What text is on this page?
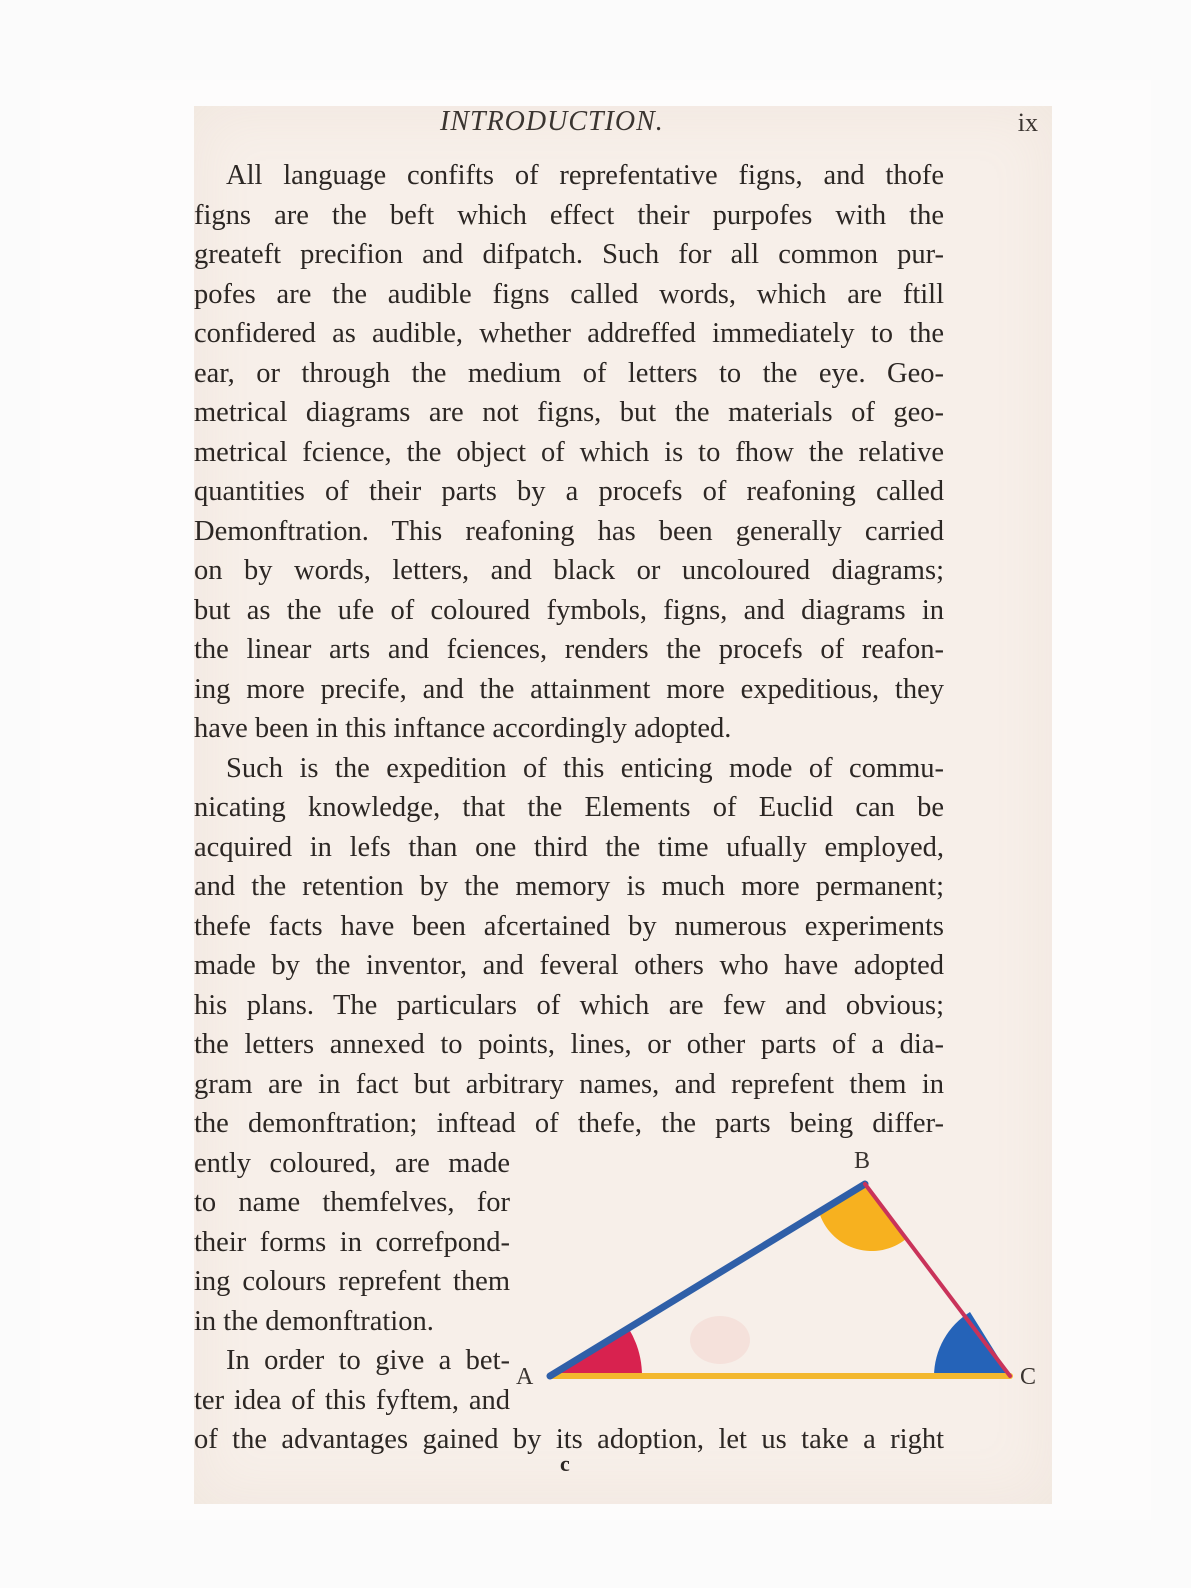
INTRODUCTION.	ix
All language confifts of reprefentative figns, and thofe
figns are the beft which effect their purpofes with the
greateft precifion and difpatch. Such for all common pur-
pofes are the audible figns called words, which are ftill
confidered as audible, whether addreffed immediately to the
ear, or through the medium of letters to the eye. Geo-
metrical diagrams are not figns, but the materials of geo-
metrical fcience, the object of which is to fhow the relative
quantities of their parts by a procefs of reafoning called
Demonftration. This reafoning has been generally carried
on by words, letters, and black or uncoloured diagrams;
but as the ufe of coloured fymbols, figns, and diagrams in
the linear arts and fciences, renders the procefs of reafon-
ing more precife, and the attainment more expeditious, they
have been in this inftance accordingly adopted.
Such is the expedition of this enticing mode of commu-
nicating knowledge, that the Elements of Euclid can be
acquired in lefs than one third the time ufually employed,
and the retention by the memory is much more permanent;
thefe facts have been afcertained by numerous experiments
made by the inventor, and feveral others who have adopted
his plans. The particulars of which are few and obvious;
the letters annexed to points, lines, or other parts of a dia-
gram are in fact but arbitrary names, and reprefent them in
the demonftration; inftead of thefe, the parts being differ-
ently coloured, are made
to name themfelves, for
their forms in correfpond-
ing colours reprefent them
in the demonftration.
In order to give a bet-
ter idea of this fyftem, and
of the advantages gained by its adoption, let us take a right
B
A	C
c
